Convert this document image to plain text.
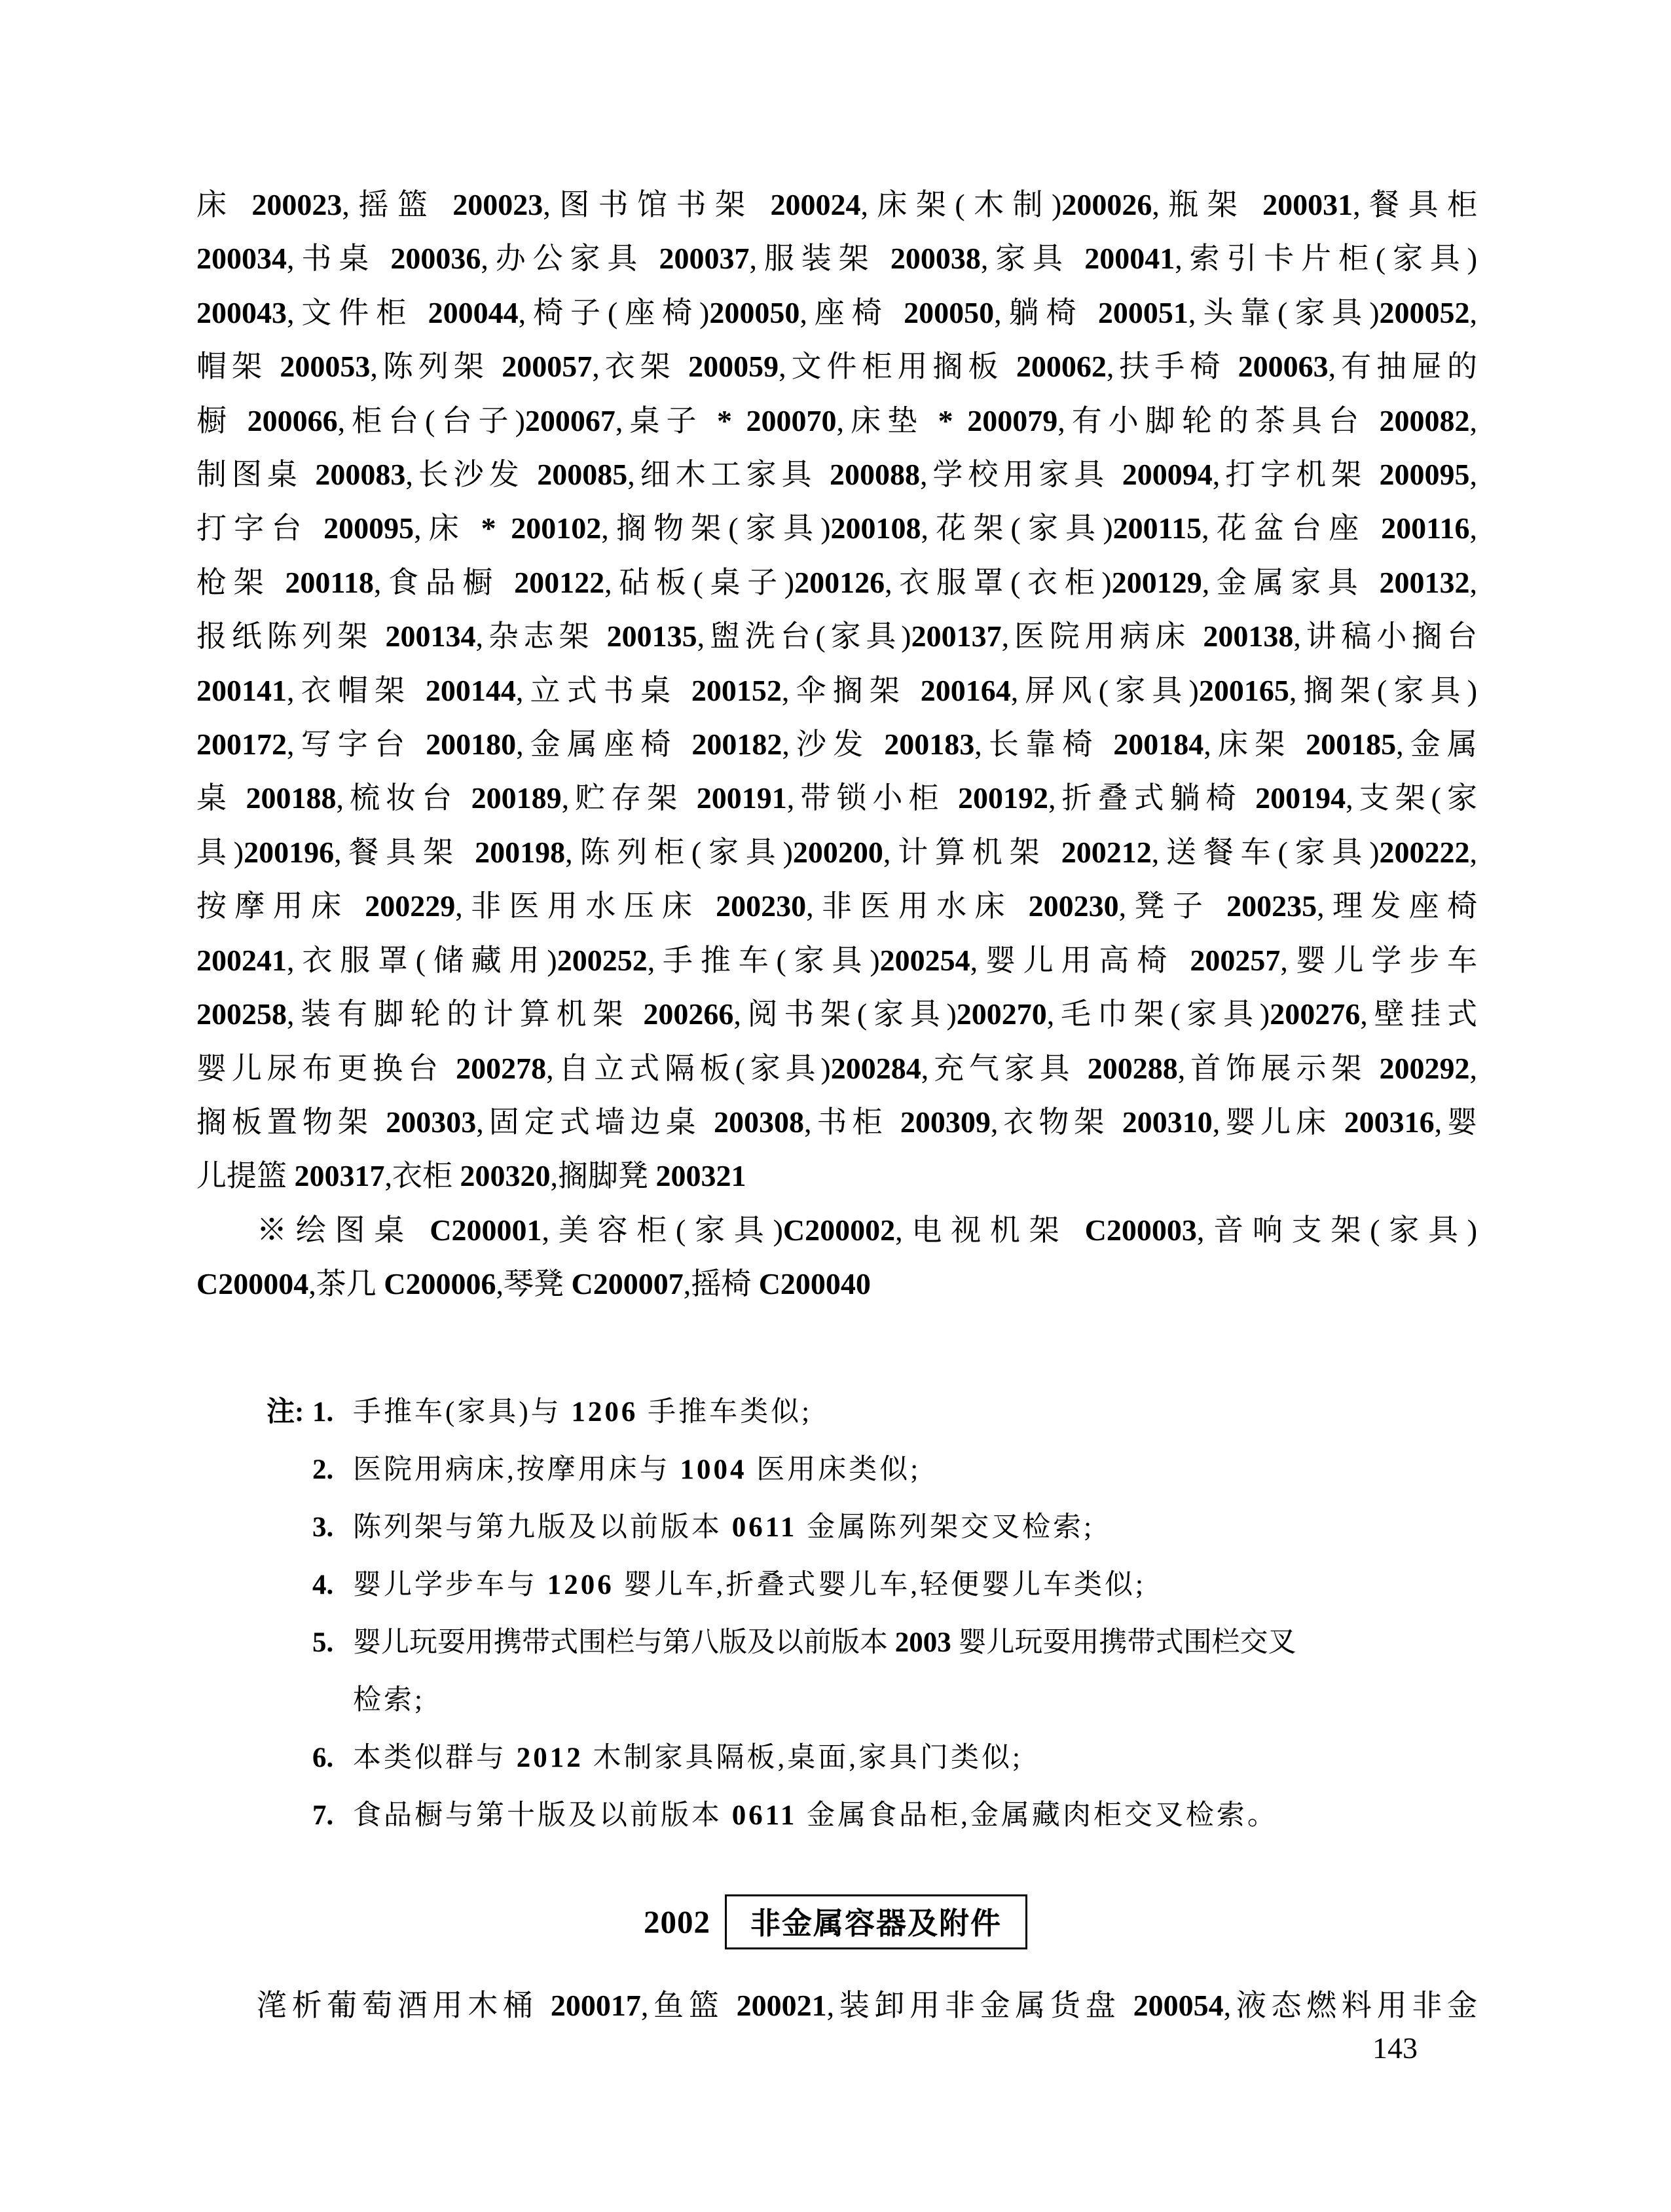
床 200023,摇篮 200023,图书馆书架 200024,床架(木制)200026,瓶架 200031,餐具柜
200034,书桌 200036,办公家具 200037,服装架 200038,家具 200041,索引卡片柜(家具)
200043,文件柜 200044,椅子(座椅)200050,座椅 200050,躺椅 200051,头靠(家具)200052,
帽架 200053,陈列架 200057,衣架 200059,文件柜用搁板 200062,扶手椅 200063,有抽屉的
橱 200066,柜台(台子)200067,桌子 * 200070,床垫 * 200079,有小脚轮的茶具台 200082,
制图桌 200083,长沙发 200085,细木工家具 200088,学校用家具 200094,打字机架 200095,
打字台 200095,床 * 200102,搁物架(家具)200108,花架(家具)200115,花盆台座 200116,
枪架 200118,食品橱 200122,砧板(桌子)200126,衣服罩(衣柜)200129,金属家具 200132,
报纸陈列架 200134,杂志架 200135,盥洗台(家具)200137,医院用病床 200138,讲稿小搁台
200141,衣帽架 200144,立式书桌 200152,伞搁架 200164,屏风(家具)200165,搁架(家具)
200172,写字台 200180,金属座椅 200182,沙发 200183,长靠椅 200184,床架 200185,金属
桌 200188,梳妆台 200189,贮存架 200191,带锁小柜 200192,折叠式躺椅 200194,支架(家
具)200196,餐具架 200198,陈列柜(家具)200200,计算机架 200212,送餐车(家具)200222,
按摩用床 200229,非医用水压床 200230,非医用水床 200230,凳子 200235,理发座椅
200241,衣服罩(储藏用)200252,手推车(家具)200254,婴儿用高椅 200257,婴儿学步车
200258,装有脚轮的计算机架 200266,阅书架(家具)200270,毛巾架(家具)200276,壁挂式
婴儿尿布更换台 200278,自立式隔板(家具)200284,充气家具 200288,首饰展示架 200292,
搁板置物架 200303,固定式墙边桌 200308,书柜 200309,衣物架 200310,婴儿床 200316,婴
儿提篮 200317,衣柜 200320,搁脚凳 200321
※绘图桌 C200001,美容柜(家具)C200002,电视机架 C200003,音响支架(家具)
C200004,茶几 C200006,琴凳 C200007,摇椅 C200040
注: 1. 手推车(家具)与 1206 手推车类似;
2. 医院用病床,按摩用床与 1004 医用床类似;
3. 陈列架与第九版及以前版本 0611 金属陈列架交叉检索;
4. 婴儿学步车与 1206 婴儿车,折叠式婴儿车,轻便婴儿车类似;
5. 婴儿玩耍用携带式围栏与第八版及以前版本 2003 婴儿玩耍用携带式围栏交叉
检索;
6. 本类似群与 2012 木制家具隔板,桌面,家具门类似;
7. 食品橱与第十版及以前版本 0611 金属食品柜,金属藏肉柜交叉检索。
2002 非金属容器及附件
滗析葡萄酒用木桶 200017,鱼篮 200021,装卸用非金属货盘 200054,液态燃料用非金
143
